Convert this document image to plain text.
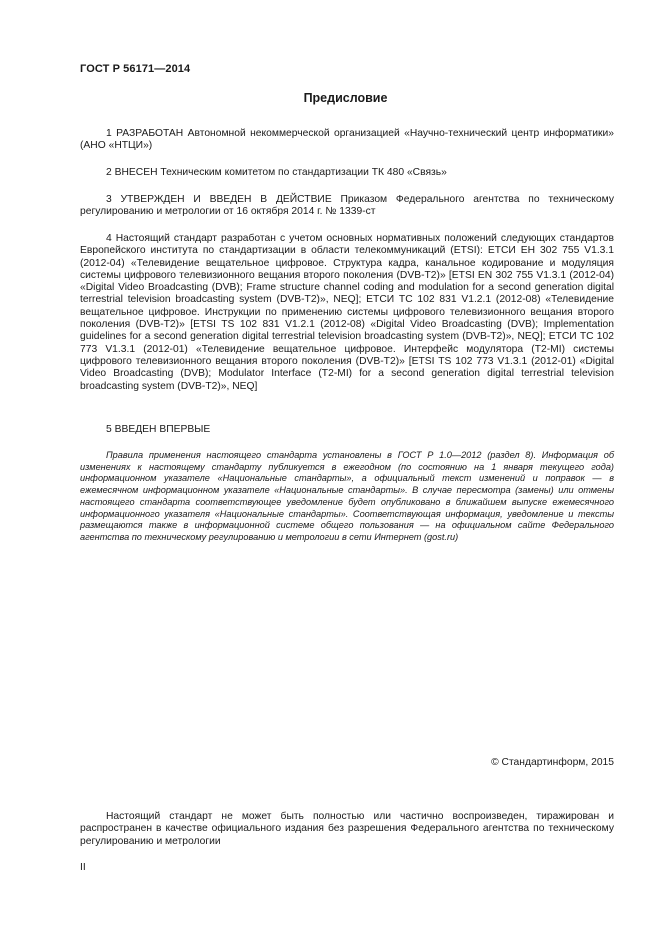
ГОСТ Р 56171—2014
Предисловие

1 РАЗРАБОТАН Автономной некоммерческой организацией «Научно-технический центр информатики» (АНО «НТЦИ»)

2 ВНЕСЕН Техническим комитетом по стандартизации ТК 480 «Связь»

3 УТВЕРЖДЕН И ВВЕДЕН В ДЕЙСТВИЕ Приказом Федерального агентства по техническому регулированию и метрологии от 16 октября 2014 г. № 1339-ст

4 Настоящий стандарт разработан с учетом основных нормативных положений следующих стандартов Европейского института по стандартизации в области телекоммуникаций (ETSI): ЕТСИ ЕН 302 755 V1.3.1 (2012-04) «Телевидение вещательное цифровое. Структура кадра, канальное кодирование и модуляция системы цифрового телевизионного вещания второго поколения (DVB-T2)» [ETSI EN 302 755 V1.3.1 (2012-04) «Digital Video Broadcasting (DVB); Frame structure channel coding and modulation for a second generation digital terrestrial television broadcasting system (DVB-T2)», NEQ]; ЕТСИ ТС 102 831 V1.2.1 (2012-08) «Телевидение вещательное цифровое. Инструкции по применению системы цифрового телевизионного вещания второго поколения (DVB-T2)» [ETSI TS 102 831 V1.2.1 (2012-08) «Digital Video Broadcasting (DVB); Implementation guidelines for a second generation digital terrestrial television broadcasting system (DVB-T2)», NEQ]; ЕТСИ ТС 102 773 V1.3.1 (2012-01) «Телевидение вещательное цифровое. Интерфейс модулятора (T2-MI) системы цифрового телевизионного вещания второго поколения (DVB-T2)» [ETSI TS 102 773 V1.3.1 (2012-01) «Digital Video Broadcasting (DVB); Modulator Interface (T2-MI) for a second generation digital terrestrial television broadcasting system (DVB-T2)», NEQ]

5 ВВЕДЕН ВПЕРВЫЕ

Правила применения настоящего стандарта установлены в ГОСТ Р 1.0—2012 (раздел 8). Информация об изменениях к настоящему стандарту публикуется в ежегодном (по состоянию на 1 января текущего года) информационном указателе «Национальные стандарты», а официальный текст изменений и поправок — в ежемесячном информационном указателе «Национальные стандарты». В случае пересмотра (замены) или отмены настоящего стандарта соответствующее уведомление будет опубликовано в ближайшем выпуске ежемесячного информационного указателя «Национальные стандарты». Соответствующая информация, уведомление и тексты размещаются также в информационной системе общего пользования — на официальном сайте Федерального агентства по техническому регулированию и метрологии в сети Интернет (gost.ru)

© Стандартинформ, 2015

Настоящий стандарт не может быть полностью или частично воспроизведен, тиражирован и распространен в качестве официального издания без разрешения Федерального агентства по техническому регулированию и метрологии

II
